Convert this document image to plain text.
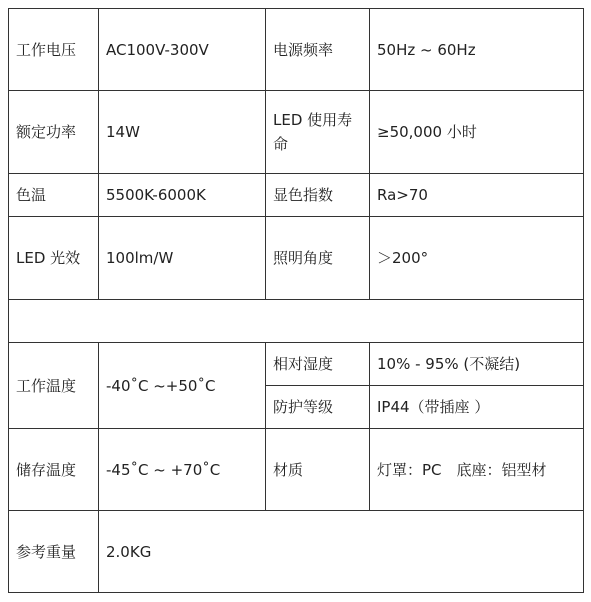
工作电压	AC100V-300V	电源频率	50Hz ~ 60Hz
额定功率	14W	LED 使用寿命	≥50,000 小时
色温	5500K-6000K	显色指数	Ra>70
LED 光效	100lm/W	照明角度	＞200°

工作温度	-40˚C ~+50˚C	相对湿度	10% - 95% (不凝结)
		防护等级	IP44（带插座 ）
储存温度	-45˚C ~ +70˚C	材质	灯罩：PC　底座：铝型材
参考重量	2.0KG		
